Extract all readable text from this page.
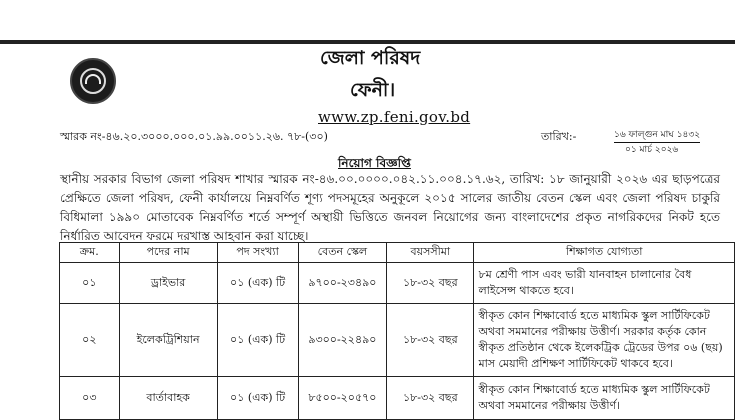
জেলা পরিষদ
ফেনী।
www.zp.feni.gov.bd
স্মারক নং-৪৬.২০.৩০০০.০০০.০১.৯৯.০০১১.২৬. ৭৮-(৩০)	তারিখ:-	১৬ ফাল্গুন মাঘ ১৪৩২
০১ মার্চ ২০২৬
নিয়োগ বিজ্ঞপ্তি

স্থানীয় সরকার বিভাগ জেলা পরিষদ শাখার স্মারক নং-৪৬.০০.০০০০.০৪২.১১.০০৪.১৭.৬২, তারিখ: ১৮ জানুয়ারী ২০২৬ এর ছাড়পত্রের প্রেক্ষিতে জেলা পরিষদ, ফেনী কার্যালয়ে নিম্নবর্ণিত শূণ্য পদসমূহের অনুকূলে ২০১৫ সালের জাতীয় বেতন স্কেল এবং জেলা পরিষদ চাকুরি বিধিমালা ১৯৯০ মোতাবেক নিম্নবর্ণিত শর্তে সম্পূর্ণ অস্থায়ী ভিত্তিতে জনবল নিয়োগের জন্য বাংলাদেশের প্রকৃত নাগরিকদের নিকট হতে নির্ধারিত আবেদন ফরমে দরখাস্ত আহবান করা যাচ্ছে।

ক্রম.	পদের নাম	পদ সংখ্যা	বেতন স্কেল	বয়সসীমা	শিক্ষাগত যোগ্যতা
০১	ড্রাইভার	০১ (এক) টি	৯৭০০-২৩৪৯০	১৮-৩২ বছর	৮ম শ্রেণী পাস এবং ভারী যানবাহন চালানোর বৈধ লাইসেন্স থাকতে হবে।
০২	ইলেকট্রিশিয়ান	০১ (এক) টি	৯৩০০-২২৪৯০	১৮-৩২ বছর	স্বীকৃত কোন শিক্ষাবোর্ড হতে মাধ্যমিক স্কুল সার্টিফিকেট অথবা সমমানের পরীক্ষায় উত্তীর্ণ। সরকার কর্তৃক কোন স্বীকৃত প্রতিষ্ঠান থেকে ইলেকট্রিক ট্রেডের উপর ০৬ (ছয়) মাস মেয়াদী প্রশিক্ষণ সার্টিফিকেট থাকবে হবে।
০৩	বার্তাবাহক	০১ (এক) টি	৮৫০০-২০৫৭০	১৮-৩২ বছর	স্বীকৃত কোন শিক্ষাবোর্ড হতে মাধ্যমিক স্কুল সার্টিফিকেট অথবা সমমানের পরীক্ষায় উত্তীর্ণ।
